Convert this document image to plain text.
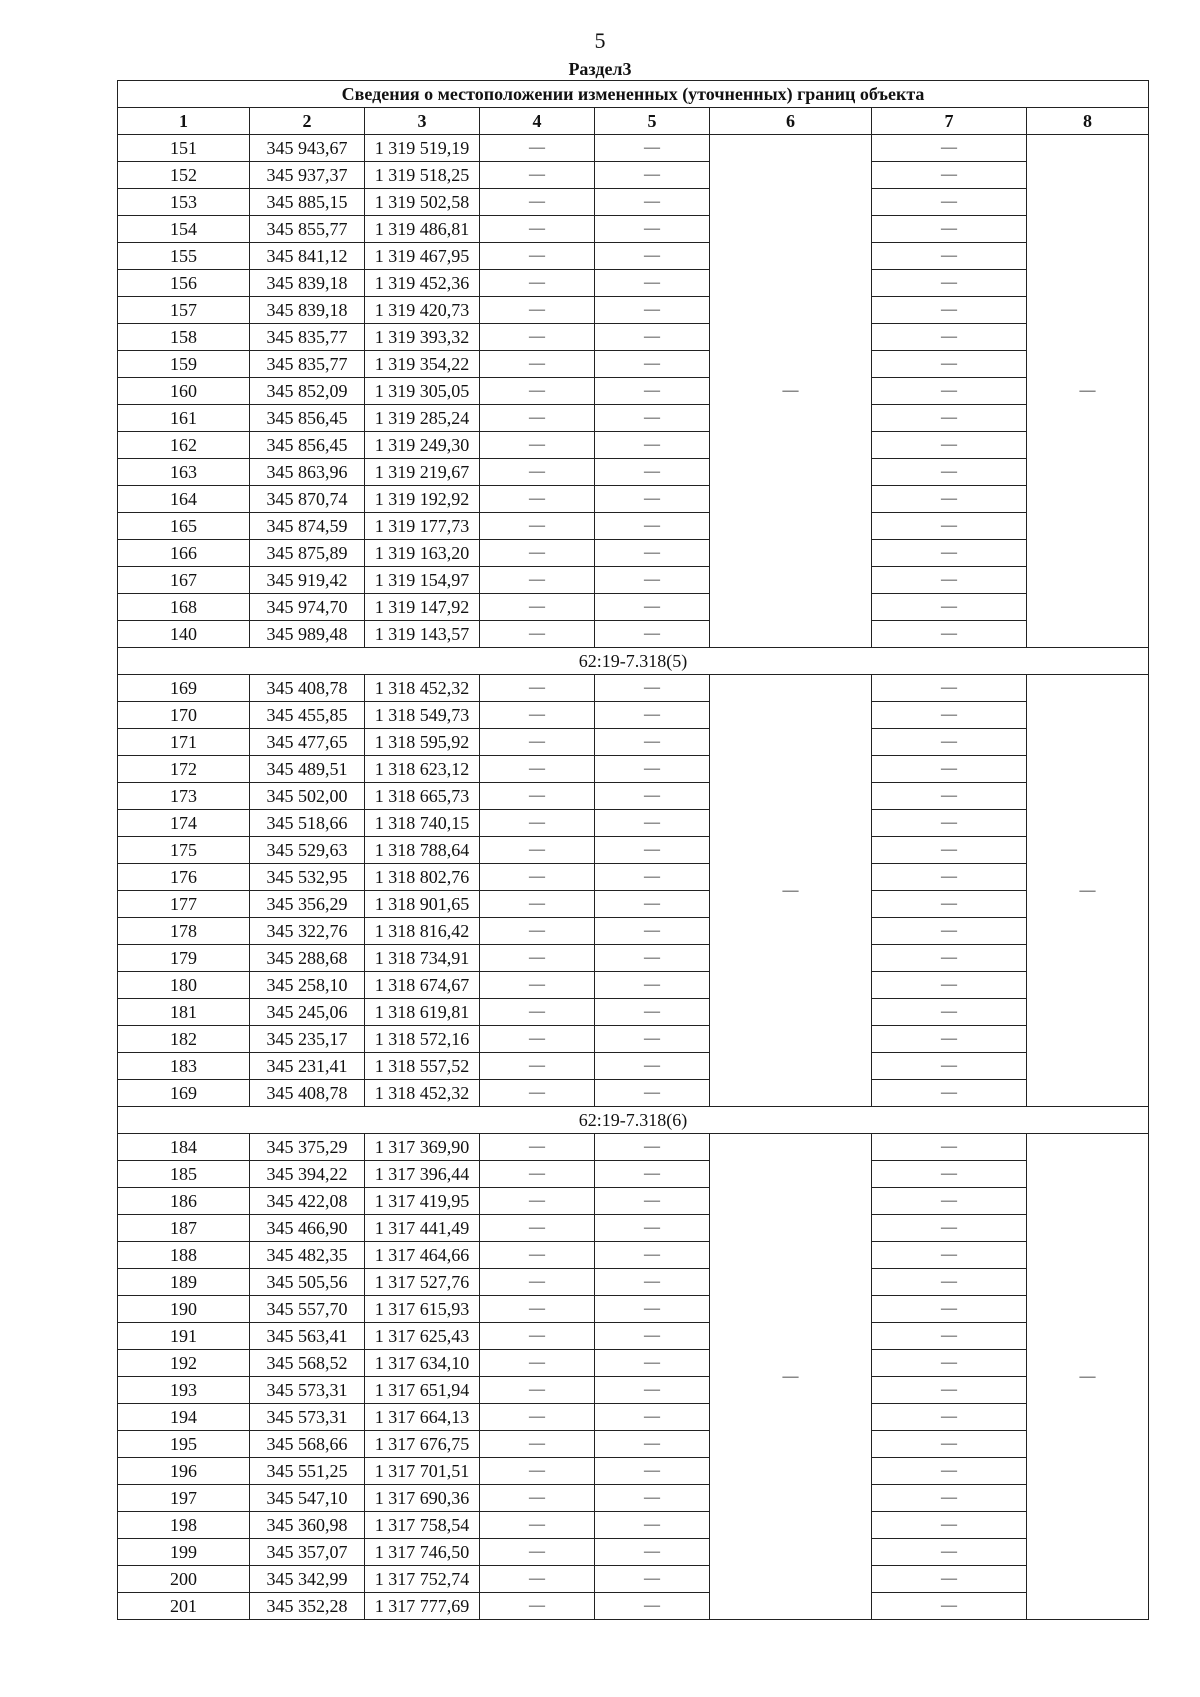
5
Раздел3
Сведения о местоположении измененных (уточненных) границ объекта							
1	2	3	4	5	6	7	8
151	345 943,67	1 319 519,19	—	—	—	—	—
152	345 937,37	1 319 518,25	—	—		—	
153	345 885,15	1 319 502,58	—	—		—	
154	345 855,77	1 319 486,81	—	—		—	
155	345 841,12	1 319 467,95	—	—		—	
156	345 839,18	1 319 452,36	—	—		—	
157	345 839,18	1 319 420,73	—	—		—	
158	345 835,77	1 319 393,32	—	—		—	
159	345 835,77	1 319 354,22	—	—		—	
160	345 852,09	1 319 305,05	—	—		—	
161	345 856,45	1 319 285,24	—	—		—	
162	345 856,45	1 319 249,30	—	—		—	
163	345 863,96	1 319 219,67	—	—		—	
164	345 870,74	1 319 192,92	—	—		—	
165	345 874,59	1 319 177,73	—	—		—	
166	345 875,89	1 319 163,20	—	—		—	
167	345 919,42	1 319 154,97	—	—		—	
168	345 974,70	1 319 147,92	—	—		—	
140	345 989,48	1 319 143,57	—	—		—	
62:19-7.318(5)							
169	345 408,78	1 318 452,32	—	—	—	—	—
170	345 455,85	1 318 549,73	—	—		—	
171	345 477,65	1 318 595,92	—	—		—	
172	345 489,51	1 318 623,12	—	—		—	
173	345 502,00	1 318 665,73	—	—		—	
174	345 518,66	1 318 740,15	—	—		—	
175	345 529,63	1 318 788,64	—	—		—	
176	345 532,95	1 318 802,76	—	—		—	
177	345 356,29	1 318 901,65	—	—		—	
178	345 322,76	1 318 816,42	—	—		—	
179	345 288,68	1 318 734,91	—	—		—	
180	345 258,10	1 318 674,67	—	—		—	
181	345 245,06	1 318 619,81	—	—		—	
182	345 235,17	1 318 572,16	—	—		—	
183	345 231,41	1 318 557,52	—	—		—	
169	345 408,78	1 318 452,32	—	—		—	
62:19-7.318(6)							
184	345 375,29	1 317 369,90	—	—	—	—	—
185	345 394,22	1 317 396,44	—	—		—	
186	345 422,08	1 317 419,95	—	—		—	
187	345 466,90	1 317 441,49	—	—		—	
188	345 482,35	1 317 464,66	—	—		—	
189	345 505,56	1 317 527,76	—	—		—	
190	345 557,70	1 317 615,93	—	—		—	
191	345 563,41	1 317 625,43	—	—		—	
192	345 568,52	1 317 634,10	—	—		—	
193	345 573,31	1 317 651,94	—	—		—	
194	345 573,31	1 317 664,13	—	—		—	
195	345 568,66	1 317 676,75	—	—		—	
196	345 551,25	1 317 701,51	—	—		—	
197	345 547,10	1 317 690,36	—	—		—	
198	345 360,98	1 317 758,54	—	—		—	
199	345 357,07	1 317 746,50	—	—		—	
200	345 342,99	1 317 752,74	—	—		—	
201	345 352,28	1 317 777,69	—	—		—	
